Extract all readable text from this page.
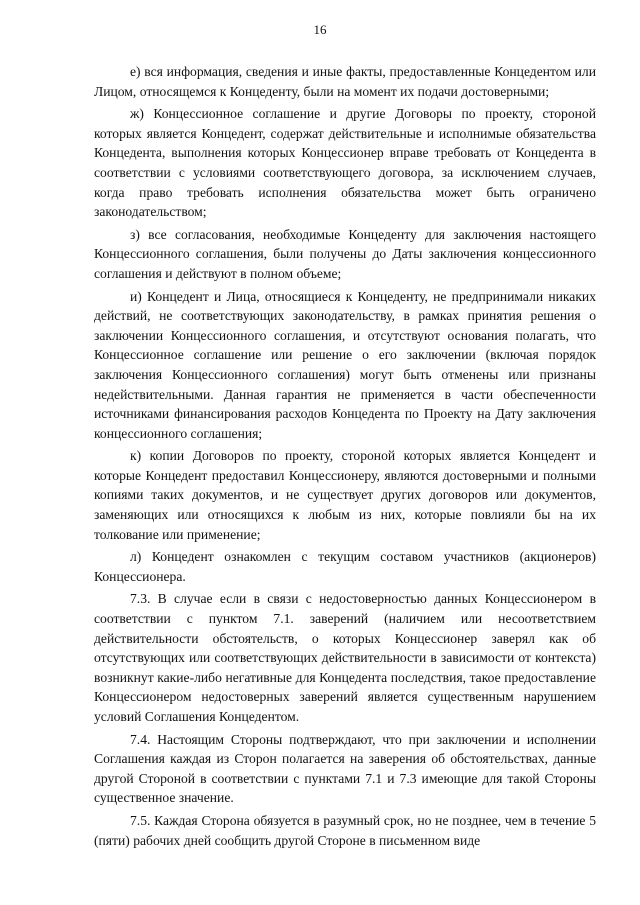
16

е) вся информация, сведения и иные факты, предоставленные Концедентом или Лицом, относящемся к Концеденту, были на момент их подачи достоверными;

ж) Концессионное соглашение и другие Договоры по проекту, стороной которых является Концедент, содержат действительные и исполнимые обязательства Концедента, выполнения которых Концессионер вправе требовать от Концедента в соответствии с условиями соответствующего договора, за исключением случаев, когда право требовать исполнения обязательства может быть ограничено законодательством;

з) все согласования, необходимые Концеденту для заключения настоящего Концессионного соглашения, были получены до Даты заключения концессионного соглашения и действуют в полном объеме;

и) Концедент и Лица, относящиеся к Концеденту, не предпринимали никаких действий, не соответствующих законодательству, в рамках принятия решения о заключении Концессионного соглашения, и отсутствуют основания полагать, что Концессионное соглашение или решение о его заключении (включая порядок заключения Концессионного соглашения) могут быть отменены или признаны недействительными. Данная гарантия не применяется в части обеспеченности источниками финансирования расходов Концедента по Проекту на Дату заключения концессионного соглашения;

к) копии Договоров по проекту, стороной которых является Концедент и которые Концедент предоставил Концессионеру, являются достоверными и полными копиями таких документов, и не существует других договоров или документов, заменяющих или относящихся к любым из них, которые повлияли бы на их толкование или применение;

л) Концедент ознакомлен с текущим составом участников (акционеров) Концессионера.

7.3. В случае если в связи с недостоверностью данных Концессионером в соответствии с пунктом 7.1. заверений (наличием или несоответствием действительности обстоятельств, о которых Концессионер заверял как об отсутствующих или соответствующих действительности в зависимости от контекста) возникнут какие-либо негативные для Концедента последствия, такое предоставление Концессионером недостоверных заверений является существенным нарушением условий Соглашения Концедентом.

7.4. Настоящим Стороны подтверждают, что при заключении и исполнении Соглашения каждая из Сторон полагается на заверения об обстоятельствах, данные другой Стороной в соответствии с пунктами 7.1 и 7.3 имеющие для такой Стороны существенное значение.

7.5. Каждая Сторона обязуется в разумный срок, но не позднее, чем в течение 5 (пяти) рабочих дней сообщить другой Стороне в письменном виде
